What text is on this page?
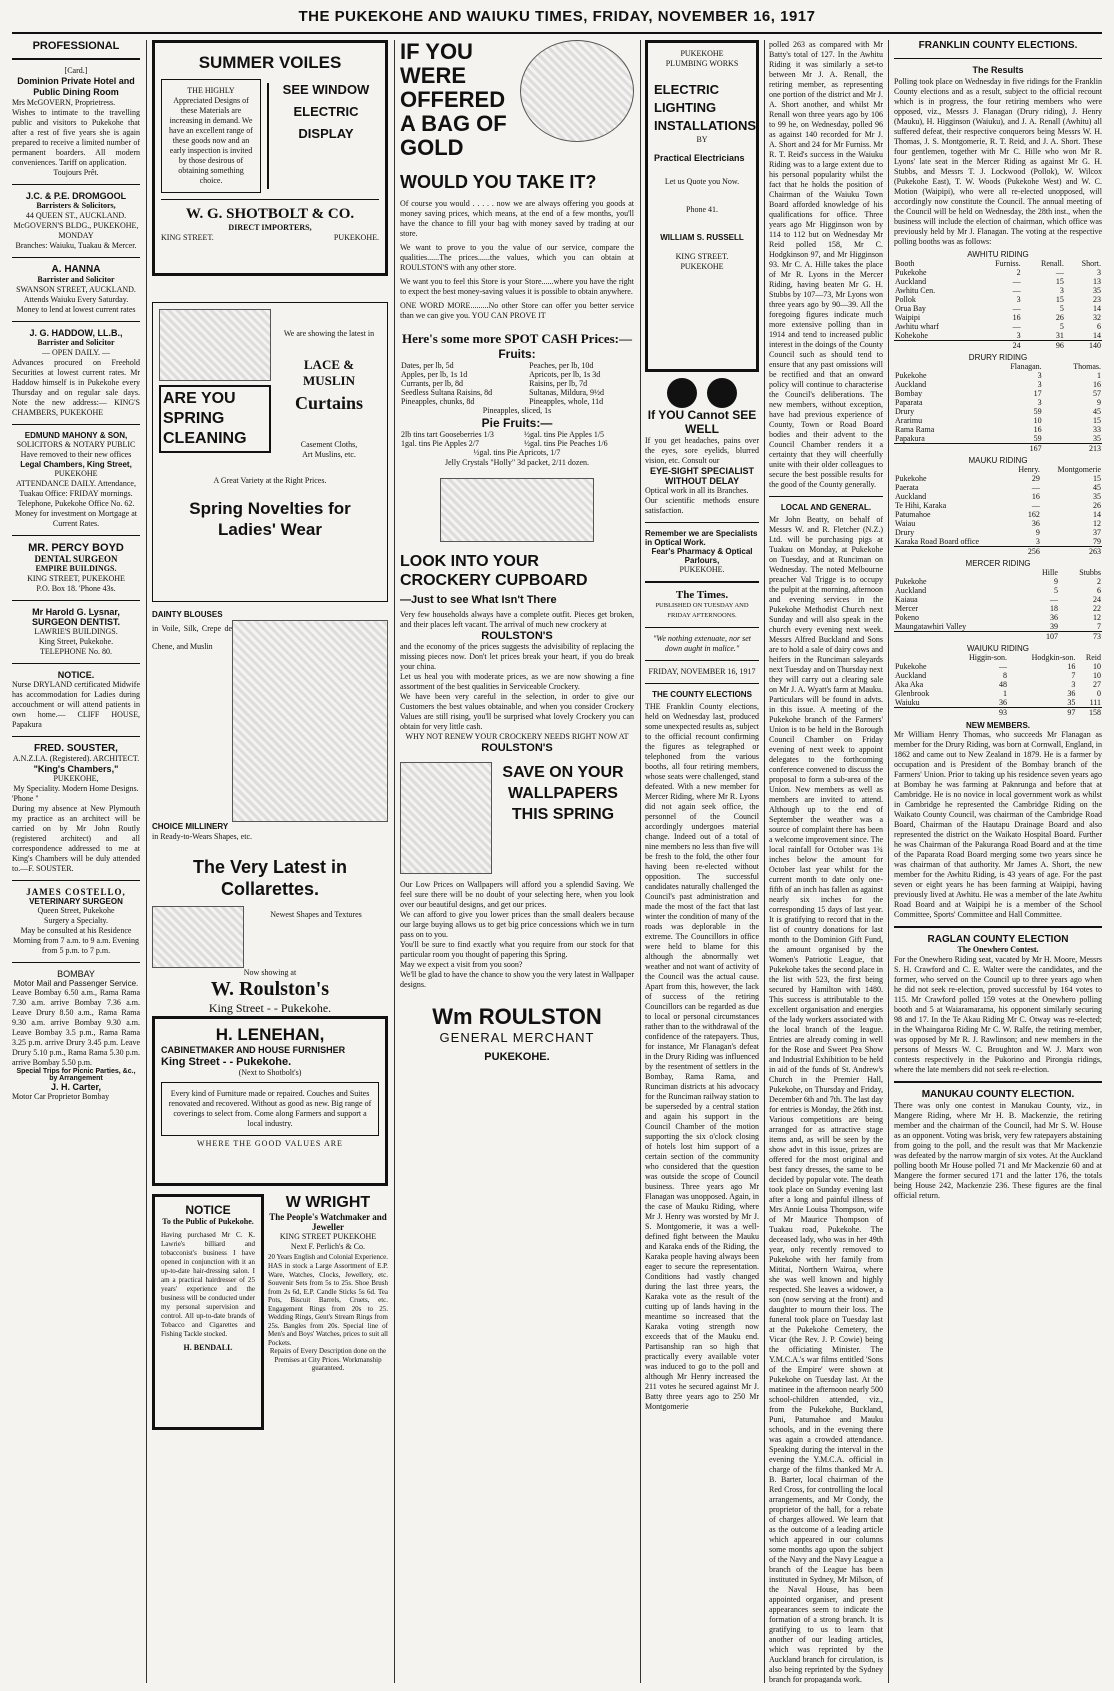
THE PUKEKOHE AND WAIUKU TIMES, FRIDAY, NOVEMBER 16, 1917
PROFESSIONAL
[Card.]
Dominion Private Hotel and Public Dining Room
Mrs McGOVERN, Proprietress.
Wishes to intimate to the travelling public and visitors to Pukekohe that after a rest of five years she is again prepared to receive a limited number of permanent boarders. All modern conveniences. Tariff on application.
Toujours Prêt.
J.C. & P.E. DROMGOOL
Barristers & Solicitors,
44 QUEEN ST., AUCKLAND. McGOVERN'S BLDG., PUKEKOHE, MONDAY
Branches: Waiuku, Tuakau & Mercer.
A. HANNA
Barrister and Solicitor
SWANSON STREET, AUCKLAND.
Attends Waiuku Every Saturday.
Money to lend at lowest current rates
J. G. HADDOW, LL.B.,
Barrister and Solicitor
— OPEN DAILY. —
Advances procured on Freehold Securities at lowest current rates. Mr Haddow himself is in Pukekohe every Thursday and on regular sale days. Note the new address:— KING'S CHAMBERS, PUKEKOHE
EDMUND MAHONY & SON,
SOLICITORS & NOTARY PUBLIC
Have removed to their new offices
Legal Chambers, King Street,
PUKEKOHE
ATTENDANCE DAILY. Attendance, Tuakau Office: FRIDAY mornings. Telephone, Pukekohe Office No. 62. Money for investment on Mortgage at Current Rates.
MR. PERCY BOYD
DENTAL SURGEON
EMPIRE BUILDINGS.
KING STREET, PUKEKOHE
P.O. Box 18. 'Phone 43s.
Mr Harold G. Lysnar,
SURGEON DENTIST.
LAWRIE'S BUILDINGS.
King Street, Pukekohe.
TELEPHONE No. 80.
NOTICE.
Nurse DRYLAND certificated Midwife has accommodation for Ladies during accouchment or will attend patients in own home.— CLIFF HOUSE, Papakura
FRED. SOUSTER,
A.N.Z.I.A. (Registered). ARCHITECT.
"King's Chambers,"
PUKEKOHE,
My Speciality. Modern Home Designs.
'Phone ''
During my absence at New Plymouth my practice as an architect will be carried on by Mr John Routly (registered architect) and all correspondence addressed to me at King's Chambers will be duly attended to.—F. SOUSTER.
JAMES COSTELLO,
VETERINARY SURGEON
Queen Street, Pukekohe
Surgery a Specialty.
May be consulted at his Residence Morning from 7 a.m. to 9 a.m. Evening from 5 p.m. to 7 p.m.
BOMBAY
Motor Mail and Passenger Service.
Leave Bombay 6.50 a.m., Rama Rama 7.30 a.m. arrive Bombay 7.36 a.m. Leave Drury 8.50 a.m., Rama Rama 9.30 a.m. arrive Bombay 9.30 a.m. Leave Bombay 3.5 p.m., Rama Rama 3.25 p.m. arrive Drury 3.45 p.m. Leave Drury 5.10 p.m., Rama Rama 5.30 p.m. arrive Bombay 5.50 p.m.
Special Trips for Picnic Parties, &c., by Arrangement
J. H. Carter,
Motor Car Proprietor Bombay
SUMMER VOILES
THE HIGHLY Appreciated Designs of these Materials are increasing in demand. We have an excellent range of these goods now and an early inspection is invited by those desirous of obtaining something choice.
SEE WINDOW ELECTRIC DISPLAY
W. G. SHOTBOLT & CO.
DIRECT IMPORTERS,
KING STREET.	PUKEKOHE.
ARE YOU SPRING CLEANING
We are showing the latest in
LACE & MUSLIN
Curtains
Casement Cloths,
Art Muslins, etc.
A Great Variety at the Right Prices.
Spring Novelties for Ladies' Wear
DAINTY BLOUSES
in Voile, Silk, Crepe de Chene, and Muslin
CHOICE MILLINERY
in Ready-to-Wears Shapes, etc.
The Very Latest in Collarettes.
Newest Shapes and Textures
Now showing at
W. Roulston's
King Street - - Pukekohe.
H. LENEHAN,
CABINETMAKER AND HOUSE FURNISHER
King Street - - Pukekohe.
(Next to Shotbolt's)
Every kind of Furniture made or repaired. Couches and Suites renovated and recovered. Without as good as new. Big range of coverings to select from. Come along Farmers and support a local industry.
WHERE THE GOOD VALUES ARE
NOTICE
To the Public of Pukekohe.
Having purchased Mr C. K. Lawrie's billiard and tobacconist's business I have opened in conjunction with it an up-to-date hair-dressing salon. I am a practical hairdresser of 25 years' experience and the business will be conducted under my personal supervision and control. All up-to-date brands of Tobacco and Cigarettes and Fishing Tackle stocked.
H. BENDALL
W WRIGHT
The People's Watchmaker and Jeweller
KING STREET PUKEKOHE
Next F. Perlich's & Co.
20 Years English and Colonial Experience.
HAS in stock a Large Assortment of E.P. Ware, Watches, Clocks, Jewellery, etc. Souvenir Sets from 5s to 25s. Shoe Brush from 2s 6d, E.P. Candle Sticks 5s 6d. Tea Pots, Biscuit Barrels, Cruets, etc. Engagement Rings from 20s to 25. Wedding Rings, Gent's Stream Rings from 25s. Bangles from 20s. Special line of Men's and Boys' Watches, prices to suit all Pockets.
Repairs of Every Description done on the Premises at City Prices. Workmanship guaranteed.
IF YOU WERE OFFERED A BAG OF GOLD
WOULD YOU TAKE IT?
Of course you would . . . . . now we are always offering you goods at money saving prices, which means, at the end of a few months, you'll have the chance to fill your bag with money saved by trading at our store.
We want to prove to you the value of our service, compare the qualities......The prices......the values, which you can obtain at ROULSTON'S with any other store.
We want you to feel this Store is your Store......where you have the right to expect the best money-saving values it is possible to obtain anywhere.
ONE WORD MORE.........No other Store can offer you better service than we can give you. YOU CAN PROVE IT
Here's some more SPOT CASH Prices:—
Fruits:
Dates, per lb, 5d	Peaches, per lb, 10d
Apples, per lb, 1s 1d	Apricots, per lb, 1s 3d
Currants, per lb, 8d	Raisins, per lb, 7d
Seedless Sultana Raisins, 8d	Sultanas, Mildura, 9½d
Pineapples, chunks, 8d	Pineapples, whole, 11d
Pineapples, sliced, 1s
Pie Fruits:—
2lb tins tart Gooseberries 1/3	½gal. tins Pie Apples 1/5
1gal. tins Pie Apples 2/7	½gal. tins Pie Peaches 1/6
½gal. tins Pie Apricots, 1/7
Jelly Crystals "Holly" 3d packet, 2/11 dozen.
LOOK INTO YOUR CROCKERY CUPBOARD
—Just to see What Isn't There
Very few households always have a complete outfit. Pieces get broken, and their places left vacant. The arrival of much new crockery at
ROULSTON'S
and the economy of the prices suggests the advisibility of replacing the missing pieces now. Don't let prices break your heart, if you do break your china.
Let us heal you with moderate prices, as we are now showing a fine assortment of the best qualities in Serviceable Crockery.
We have been very careful in the selection, in order to give our Customers the best values obtainable, and when you consider Crockery Values are still rising, you'll be surprised what lovely Crockery you can obtain for very little cash.
WHY NOT RENEW YOUR CROCKERY NEEDS RIGHT NOW AT
ROULSTON'S
SAVE ON YOUR WALLPAPERS THIS SPRING
Our Low Prices on Wallpapers will afford you a splendid Saving. We feel sure there will be no doubt of your selecting here, when you look over our beautiful designs, and get our prices.
We can afford to give you lower prices than the small dealers because our large buying allows us to get big price concessions which we in turn pass on to you.
You'll be sure to find exactly what you require from our stock for that particular room you thought of papering this Spring.
May we expect a visit from you soon?
We'll be glad to have the chance to show you the very latest in Wallpaper designs.
Wm ROULSTON
GENERAL MERCHANT
PUKEKOHE.
PUKEKOHE
PLUMBING WORKS
ELECTRIC LIGHTING INSTALLATIONS
BY
Practical Electricians
Let us Quote you Now.
Phone 41.
WILLIAM S. RUSSELL
KING STREET. PUKEKOHE
If YOU Cannot SEE WELL
If you get headaches, pains over the eyes, sore eyelids, blurred vision, etc. Consult our
EYE-SIGHT SPECIALIST WITHOUT DELAY
Optical work in all its Branches.
Our scientific methods ensure satisfaction.
Remember we are Specialists in Optical Work.
Fear's Pharmacy & Optical Parlours,
PUKEKOHE.
The Times.
PUBLISHED ON TUESDAY AND FRIDAY AFTERNOONS.
"We nothing extenuate, nor set down aught in malice."
FRIDAY, NOVEMBER 16, 1917
THE COUNTY ELECTIONS
THE Franklin County elections, held on Wednesday last, produced some unexpected results as, subject to the official recount confirming the figures as telegraphed or telephoned from the various booths, all four retiring members, whose seats were challenged, stand defeated. With a new member for Mercer Riding, where Mr R. Lyons did not again seek office, the personnel of the Council accordingly undergoes material change. Indeed out of a total of nine members no less than five will be fresh to the fold, the other four having been re-elected without opposition. The successful candidates naturally challenged the Council's past administration and made the most of the fact that last winter the condition of many of the roads was deplorable in the extreme. The Councillors in office were held to blame for this although the abnormally wet weather and not want of activity of the Council was the actual cause. Apart from this, however, the lack of success of the retiring Councillors can be regarded as due to local or personal circumstances rather than to the withdrawal of the confidence of the ratepayers. Thus, for instance, Mr Flanagan's defeat in the Drury Riding was influenced by the resentment of settlers in the Bombay, Rama Rama, and Runciman districts at his advocacy for the Runciman railway station to be superseded by a central station and again his support in the Council Chamber of the motion supporting the six o'clock closing of hotels lost him support of a certain section of the community who considered that the question was outside the scope of Council business. Three years ago Mr Flanagan was unopposed. Again, in the case of Mauku Riding, where Mr J. Henry was worsted by Mr J. S. Montgomerie, it was a well-defined fight between the Mauku and Karaka ends of the Riding, the Karaka people having always been eager to secure the representation. Conditions had vastly changed during the last three years, the Karaka vote as the result of the cutting up of lands having in the meantime so increased that the Karaka voting strength now exceeds that of the Mauku end. Partisanship ran so high that practically every available voter was induced to go to the poll and although Mr Henry increased the 211 votes he secured against Mr J. Batty three years ago to 250 Mr Montgomerie
polled 263 as compared with Mr Batty's total of 127. In the Awhitu Riding it was similarly a set-to between Mr J. A. Renall, the retiring member, as representing one portion of the district and Mr J. A. Short another, and whilst Mr Renall won three years ago by 106 to 99 he, on Wednesday, polled 96 as against 140 recorded for Mr J. A. Short and 24 for Mr Furniss. Mr R. T. Reid's success in the Waiuku Riding was to a large extent due to his personal popularity whilst the fact that he holds the position of Chairman of the Waiuku Town Board afforded knowledge of his qualifications for office. Three years ago Mr Higginson won by 114 to 112 but on Wednesday Mr Reid polled 158, Mr C. Hodgkinson 97, and Mr Higginson 93. Mr C. A. Hille takes the place of Mr R. Lyons in the Mercer Riding, having beaten Mr G. H. Stubbs by 107—73, Mr Lyons won three years ago by 90—39. All the foregoing figures indicate much more extensive polling than in 1914 and tend to increased public interest in the doings of the County Council such as should tend to ensure that any past omissions will be rectified and that an onward policy will continue to characterise the Council's deliberations. The new members, without exception, have had previous experience of County, Town or Road Board bodies and their advent to the Council Chamber renders it a certainty that they will cheerfully unite with their older colleagues to secure the best possible results for the good of the County generally.
LOCAL AND GENERAL.
Mr John Beatty, on behalf of Messrs W. and R. Fletcher (N.Z.) Ltd. will be purchasing pigs at Tuakau on Monday, at Pukekohe on Tuesday, and at Runciman on Wednesday. The noted Melbourne preacher Val Trigge is to occupy the pulpit at the morning, afternoon and evening services in the Pukekohe Methodist Church next Sunday and will also speak in the church every evening next week. Messrs Alfred Buckland and Sons are to hold a sale of dairy cows and heifers in the Runciman saleyards next Tuesday and on Thursday next they will carry out a clearing sale on Mr J. A. Wyatt's farm at Mauku. Particulars will be found in advts. in this issue. A meeting of the Pukekohe branch of the Farmers' Union is to be held in the Borough Council Chamber on Friday evening of next week to appoint delegates to the forthcoming conference convened to discuss the proposal to form a sub-area of the Union. New members as well as members are invited to attend. Although up to the end of September the weather was a source of complaint there has been a welcome improvement since. The local rainfall for October was 1¾ inches below the amount for October last year whilst for the current month to date only one-fifth of an inch has fallen as against nearly six inches for the corresponding 15 days of last year. It is gratifying to record that in the list of country donations for last month to the Dominion Gift Fund, the amount organised by the Women's Patriotic League, that Pukekohe takes the second place in the list with 523, the first being secured by Hamilton with 1480. This success is attributable to the excellent organisation and energies of the lady workers associated with the local branch of the league. Entries are already coming in well for the Rose and Sweet Pea Show and Industrial Exhibition to be held in aid of the funds of St. Andrew's Church in the Premier Hall, Pukekohe, on Thursday and Friday, December 6th and 7th. The last day for entries is Monday, the 26th inst. Various competitions are being arranged for as attractive stage items and, as will be seen by the show advt in this issue, prizes are offered for the most original and best fancy dresses, the same to be decided by popular vote. The death took place on Sunday evening last after a long and painful illness of Mrs Annie Louisa Thompson, wife of Mr Maurice Thompson of Tuakau road, Pukekohe. The deceased lady, who was in her 49th year, only recently removed to Pukekohe with her family from Mititai, Northern Wairoa, where she was well known and highly respected. She leaves a widower, a son (now serving at the front) and daughter to mourn their loss. The funeral took place on Tuesday last at the Pukekohe Cemetery, the Vicar (the Rev. J. P. Cowie) being the officiating Minister. The Y.M.C.A.'s war films entitled 'Sons of the Empire' were shown at Pukekohe on Tuesday last. At the matinee in the afternoon nearly 500 school-children attended, viz., from the Pukekohe, Buckland, Puni, Patumahoe and Mauku schools, and in the evening there was again a crowded attendance. Speaking during the interval in the evening the Y.M.C.A. official in charge of the films thanked Mr A. B. Barter, local chairman of the Red Cross, for controlling the local arrangements, and Mr Condy, the proprietor of the hall, for a rebate of charges allowed. We learn that as the outcome of a leading article which appeared in our columns some months ago upon the subject of the Navy and the Navy League a branch of the League has been instituted in Sydney, Mr Milson, of the Naval House, has been appointed organiser, and present appearances seem to indicate the formation of a strong branch. It is gratifying to us to learn that another of our leading articles, which was reprinted by the Auckland branch for circulation, is also being reprinted by the Sydney branch for propaganda work.
FRANKLIN COUNTY ELECTIONS.
The Results
Polling took place on Wednesday in five ridings for the Franklin County elections and as a result, subject to the official recount which is in progress, the four retiring members who were opposed, viz., Messrs J. Flanagan (Drury riding), J. Henry (Mauku), H. Higginson (Waiuku), and J. A. Renall (Awhitu) all suffered defeat, their respective conquerors being Messrs W. H. Thomas, J. S. Montgomerie, R. T. Reid, and J. A. Short. These four gentlemen, together with Mr C. Hille who won Mr R. Lyons' late seat in the Mercer Riding as against Mr G. H. Stubbs, and Messrs T. J. Lockwood (Pollok), W. Wilcox (Pukekohe East), T. W. Woods (Pukekohe West) and W. C. Motion (Waipipi), who were all re-elected unopposed, will accordingly now constitute the Council. The annual meeting of the Council will be held on Wednesday, the 28th inst., when the business will include the election of chairman, which office was previously held by Mr J. Flanagan. The voting at the respective polling booths was as follows:
AWHITU RIDING
Booth	Furniss.	Renall.	Short.
Pukekohe	2	—	3
Auckland	—	15	13
Awhitu Cen.	—	3	35
Pollok	3	15	23
Orua Bay	—	5	14
Waipipi	16	26	32
Awhitu wharf	—	5	6
Kohekohe	3	31	14
	24	96	140
DRURY RIDING
	Flanagan.	Thomas.
Pukekohe	3	1
Auckland	3	16
Bombay	17	57
Paparata	3	9
Drury	59	45
Ararimu	10	15
Rama Rama	16	33
Papakura	59	35
	167	213
MAUKU RIDING
	Henry.	Montgomerie
Pukekohe	29	15
Paerata	—	45
Auckland	16	35
Te Hihi, Karaka	—	26
Patumahoe	162	14
Waiau	36	12
Drury	9	37
Karaka Road Board office	3	79
	256	263
MERCER RIDING
	Hille	Stubbs
Pukekohe	9	2
Auckland	5	6
Kaiaua	—	24
Mercer	18	22
Pokeno	36	12
Maungatawhiri Valley	39	7
	107	73
WAIUKU RIDING
	Higgin-son.	Hodgkin-son.	Reid
Pukekohe	—	16	10
Auckland	8	7	10
Aka Aka	48	3	27
Glenbrook	1	36	0
Waiuku	36	35	111
	93	97	158
NEW MEMBERS.
Mr William Henry Thomas, who succeeds Mr Flanagan as member for the Drury Riding, was born at Cornwall, England, in 1862 and came out to New Zealand in 1879. He is a farmer by occupation and is President of the Bombay branch of the Farmers' Union. Prior to taking up his residence seven years ago at Bombay he was farming at Paknrunga and before that at Cambridge. He is no novice in local government work as whilst in Cambridge he represented the Cambridge Riding on the Waikato County Council, was chairman of the Cambridge Road Board, Chairman of the Hautapu Drainage Board and also represented the district on the Waikato Hospital Board. Further he was Chairman of the Pakuranga Road Board and at the time of the Paparata Road Board merging some two years since he was chairman of that authority. Mr James A. Short, the new member for the Awhitu Riding, is 43 years of age. For the past seven or eight years he has been farming at Waipipi, having previously lived at Awhitu. He was a member of the late Awhitu Road Board and at Waipipi he is a member of the School Committee, Sports' Committee and Hall Committee.
RAGLAN COUNTY ELECTION
The Onewhero Contest.
For the Onewhero Riding seat, vacated by Mr H. Moore, Messrs S. H. Crawford and C. E. Walter were the candidates, and the former, who served on the Council up to three years ago when he did not seek re-election, proved successful by 164 votes to 115. Mr Crawford polled 159 votes at the Onewhero polling booth and 5 at Waiaramarama, his opponent similarly securing 98 and 17. In the Te Akau Riding Mr C. Otway was re-elected; in the Whaingaroa Riding Mr C. W. Ralfe, the retiring member, was opposed by Mr R. J. Rawlinson; and new members in the persons of Messrs W. C. Broughton and W. J. Marx won contests respectively in the Pukorino and Pirongia ridings, where the late members did not seek re-election.
MANUKAU COUNTY ELECTION.
There was only one contest in Manukau County, viz., in Mangere Riding, where Mr H. B. Mackenzie, the retiring member and the chairman of the Council, had Mr S. W. House as an opponent. Voting was brisk, very few ratepayers abstaining from going to the poll, and the result was that Mr Mackenzie was defeated by the narrow margin of six votes. At the Auckland polling booth Mr House polled 71 and Mr Mackenzie 60 and at Mangere the former secured 171 and the latter 176, the totals being House 242, Mackenzie 236. These figures are the final official return.
